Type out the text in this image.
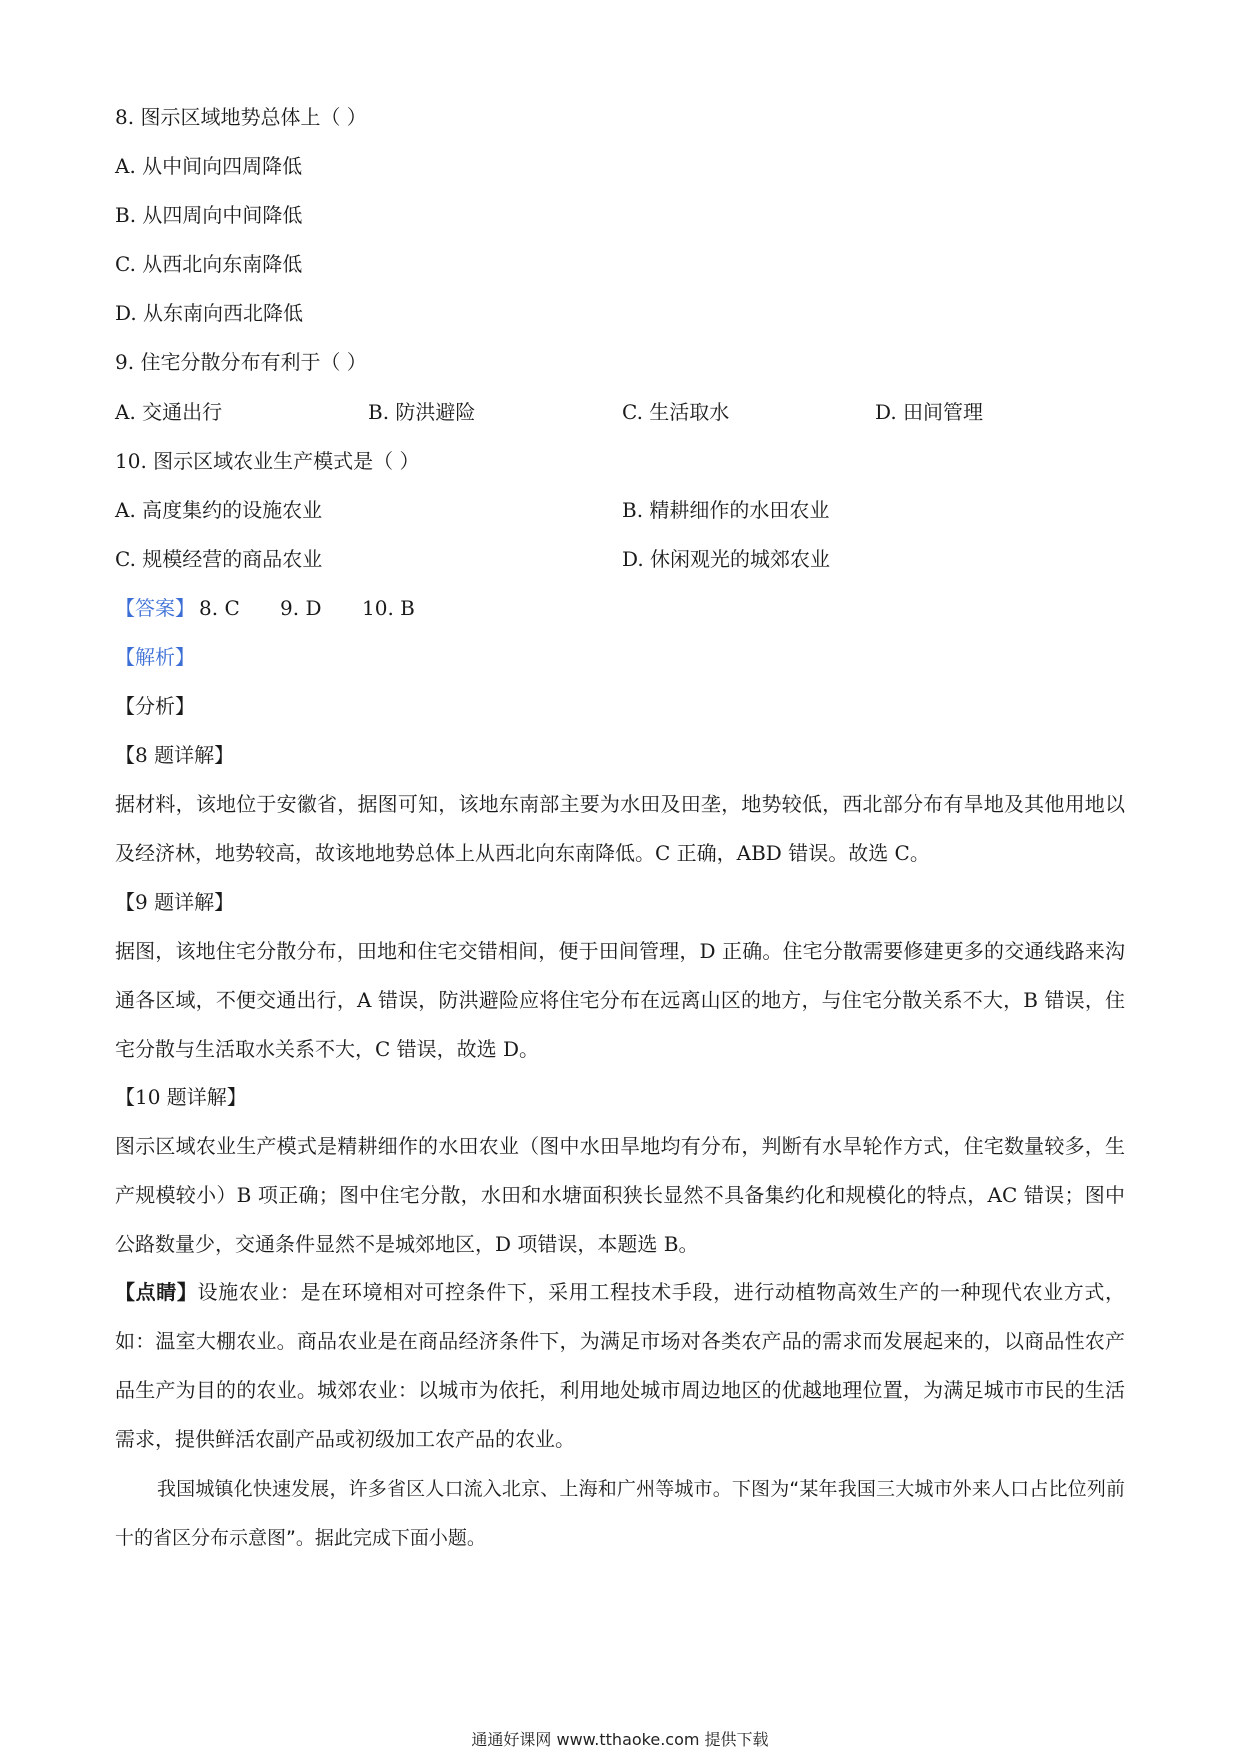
8. 图示区域地势总体上（ ）
A. 从中间向四周降低
B. 从四周向中间降低
C. 从西北向东南降低
D. 从东南向西北降低
9. 住宅分散分布有利于（ ）
A. 交通出行	B. 防洪避险	C. 生活取水	D. 田间管理
10. 图示区域农业生产模式是（ ）
A. 高度集约的设施农业	B. 精耕细作的水田农业
C. 规模经营的商品农业	D. 休闲观光的城郊农业
【答案】 8. C 9. D 10. B
【解析】
【分析】
【8 题详解】
据材料，该地位于安徽省，据图可知，该地东南部主要为水田及田垄，地势较低，西北部分布有旱地及其他用地以及经济林，地势较高，故该地地势总体上从西北向东南降低。C 正确，ABD 错误。故选 C。
【9 题详解】
据图，该地住宅分散分布，田地和住宅交错相间，便于田间管理，D 正确。住宅分散需要修建更多的交通线路来沟通各区域，不便交通出行，A 错误，防洪避险应将住宅分布在远离山区的地方，与住宅分散关系不大，B 错误，住宅分散与生活取水关系不大，C 错误，故选 D。
【10 题详解】
图示区域农业生产模式是精耕细作的水田农业（图中水田旱地均有分布，判断有水旱轮作方式，住宅数量较多，生产规模较小）B 项正确；图中住宅分散，水田和水塘面积狭长显然不具备集约化和规模化的特点，AC 错误；图中公路数量少，交通条件显然不是城郊地区，D 项错误，本题选 B。
【点睛】设施农业：是在环境相对可控条件下，采用工程技术手段，进行动植物高效生产的一种现代农业方式，如：温室大棚农业。商品农业是在商品经济条件下，为满足市场对各类农产品的需求而发展起来的，以商品性农产品生产为目的的农业。城郊农业：以城市为依托，利用地处城市周边地区的优越地理位置，为满足城市市民的生活需求，提供鲜活农副产品或初级加工农产品的农业。
我国城镇化快速发展，许多省区人口流入北京、上海和广州等城市。下图为“某年我国三大城市外来人口占比位列前十的省区分布示意图”。据此完成下面小题。
通通好课网 www.tthaoke.com 提供下载
